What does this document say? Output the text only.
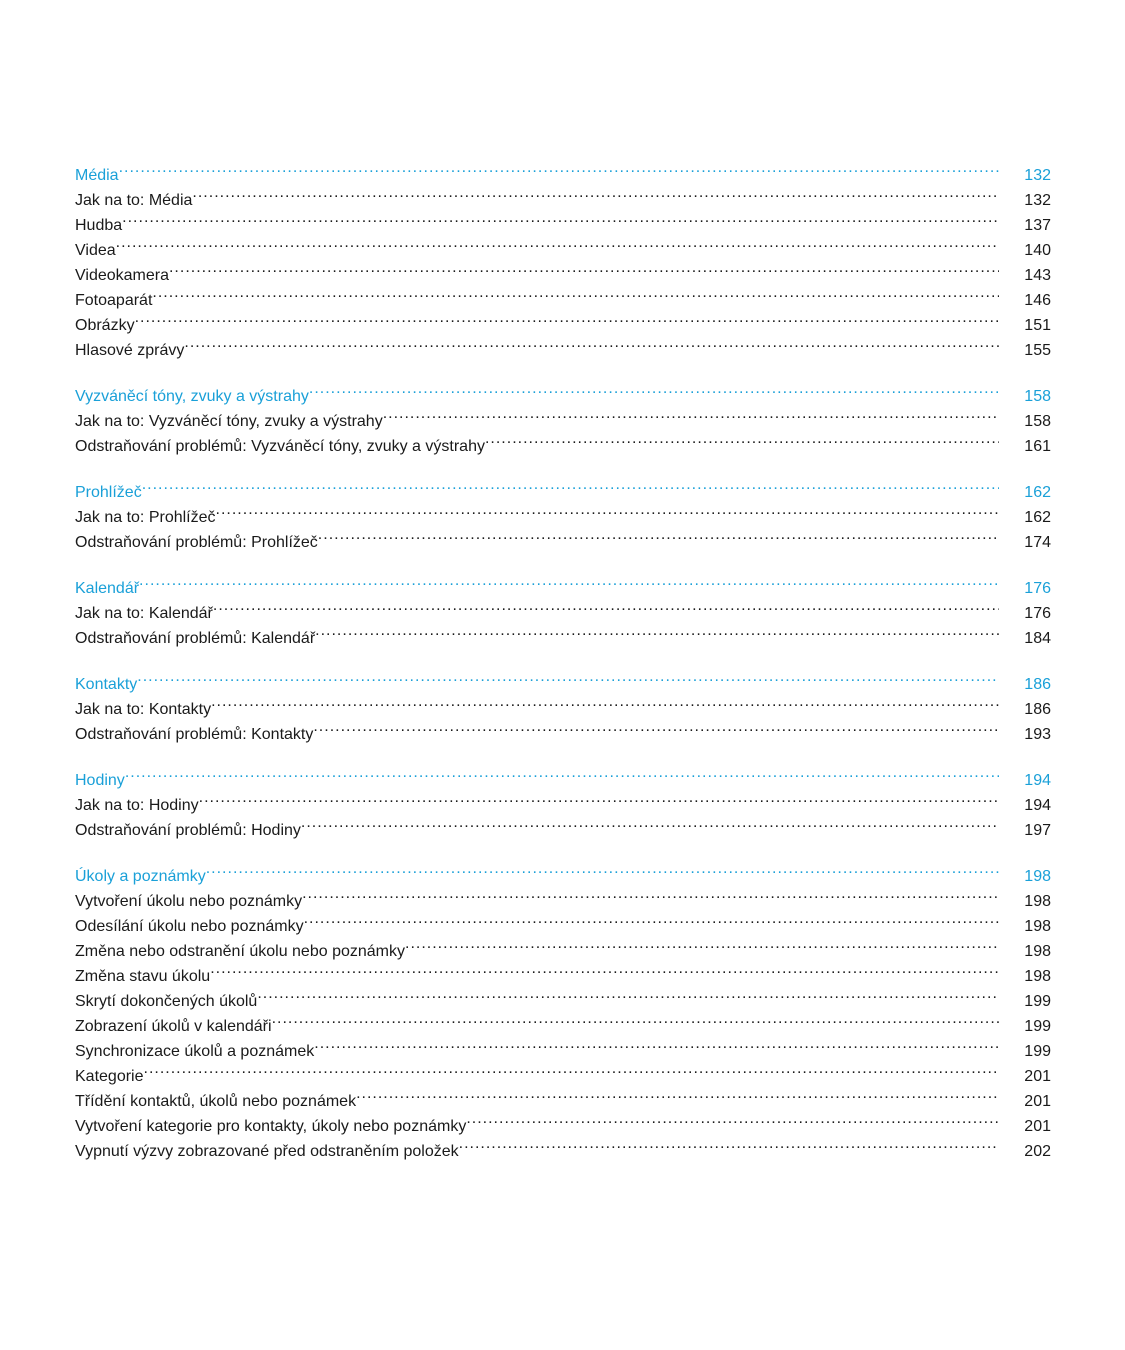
Média .....	132
Jak na to: Média .....	132
Hudba .....	137
Videa .....	140
Videokamera .....	143
Fotoaparát .....	146
Obrázky .....	151
Hlasové zprávy .....	155
Vyzváněcí tóny, zvuky a výstrahy .....	158
Jak na to: Vyzváněcí tóny, zvuky a výstrahy .....	158
Odstraňování problémů: Vyzváněcí tóny, zvuky a výstrahy .....	161
Prohlížeč .....	162
Jak na to: Prohlížeč .....	162
Odstraňování problémů: Prohlížeč .....	174
Kalendář .....	176
Jak na to: Kalendář .....	176
Odstraňování problémů: Kalendář .....	184
Kontakty .....	186
Jak na to: Kontakty .....	186
Odstraňování problémů: Kontakty .....	193
Hodiny .....	194
Jak na to: Hodiny .....	194
Odstraňování problémů: Hodiny .....	197
Úkoly a poznámky .....	198
Vytvoření úkolu nebo poznámky .....	198
Odesílání úkolu nebo poznámky .....	198
Změna nebo odstranění úkolu nebo poznámky .....	198
Změna stavu úkolu .....	198
Skrytí dokončených úkolů .....	199
Zobrazení úkolů v kalendáři .....	199
Synchronizace úkolů a poznámek .....	199
Kategorie .....	201
Třídění kontaktů, úkolů nebo poznámek .....	201
Vytvoření kategorie pro kontakty, úkoly nebo poznámky .....	201
Vypnutí výzvy zobrazované před odstraněním položek .....	202
